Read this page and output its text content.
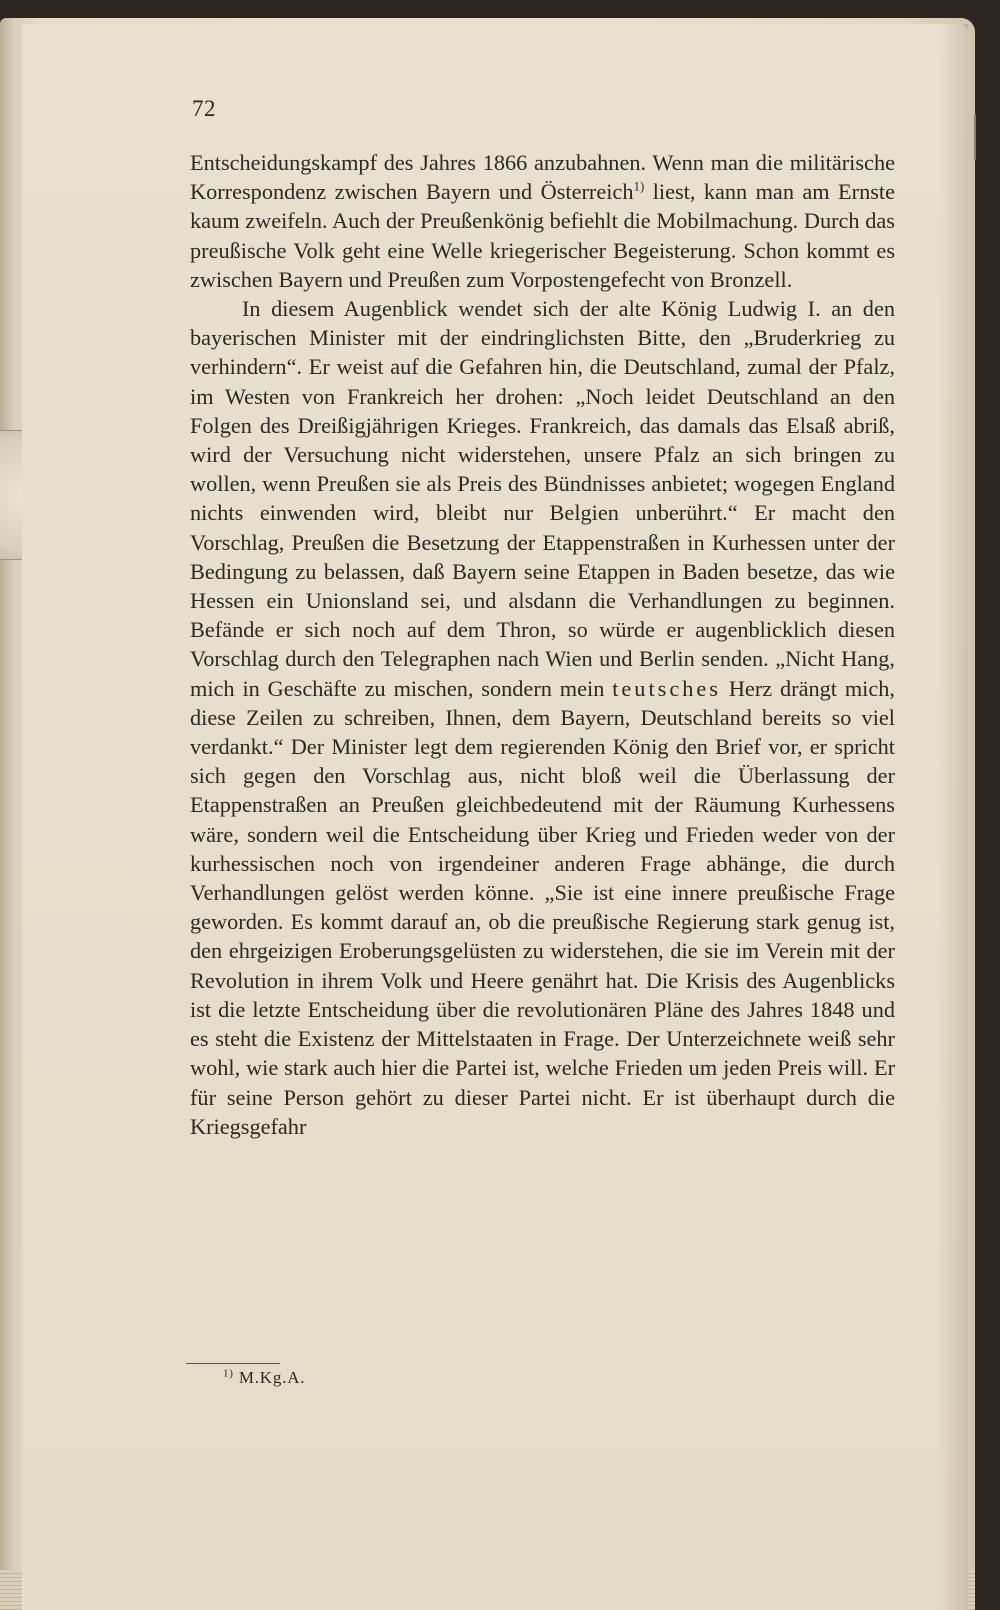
72

Entscheidungskampf des Jahres 1866 anzubahnen. Wenn man die militärische Korrespondenz zwischen Bayern und Österreich$^{1)}$ liest, kann man am Ernste kaum zweifeln. Auch der Preußenkönig befiehlt die Mobilmachung. Durch das preußische Volk geht eine Welle kriegerischer Begeisterung. Schon kommt es zwischen Bayern und Preußen zum Vorpostengefecht von Bronzell.

In diesem Augenblick wendet sich der alte König Ludwig I. an den bayerischen Minister mit der eindringlichsten Bitte, den „Bruderkrieg zu verhindern“. Er weist auf die Gefahren hin, die Deutschland, zumal der Pfalz, im Westen von Frankreich her drohen: „Noch leidet Deutschland an den Folgen des Dreißigjährigen Krieges. Frankreich, das damals das Elsaß abriß, wird der Versuchung nicht widerstehen, unsere Pfalz an sich bringen zu wollen, wenn Preußen sie als Preis des Bündnisses anbietet; wogegen England nichts einwenden wird, bleibt nur Belgien unberührt.“ Er macht den Vorschlag, Preußen die Besetzung der Etappenstraßen in Kurhessen unter der Bedingung zu belassen, daß Bayern seine Etappen in Baden besetze, das wie Hessen ein Unionsland sei, und alsdann die Verhandlungen zu beginnen. Befände er sich noch auf dem Thron, so würde er augenblicklich diesen Vorschlag durch den Telegraphen nach Wien und Berlin senden. „Nicht Hang, mich in Geschäfte zu mischen, sondern mein teutsches Herz drängt mich, diese Zeilen zu schreiben, Ihnen, dem Bayern, Deutschland bereits so viel verdankt.“ Der Minister legt dem regierenden König den Brief vor, er spricht sich gegen den Vorschlag aus, nicht bloß weil die Überlassung der Etappenstraßen an Preußen gleichbedeutend mit der Räumung Kurhessens wäre, sondern weil die Entscheidung über Krieg und Frieden weder von der kurhessischen noch von irgendeiner anderen Frage abhänge, die durch Verhandlungen gelöst werden könne. „Sie ist eine innere preußische Frage geworden. Es kommt darauf an, ob die preußische Regierung stark genug ist, den ehrgeizigen Eroberungsgelüsten zu widerstehen, die sie im Verein mit der Revolution in ihrem Volk und Heere genährt hat. Die Krisis des Augenblicks ist die letzte Entscheidung über die revolutionären Pläne des Jahres 1848 und es steht die Existenz der Mittelstaaten in Frage. Der Unterzeichnete weiß sehr wohl, wie stark auch hier die Partei ist, welche Frieden um jeden Preis will. Er für seine Person gehört zu dieser Partei nicht. Er ist überhaupt durch die Kriegsgefahr

$^{1)}$ M.Kg.A.
